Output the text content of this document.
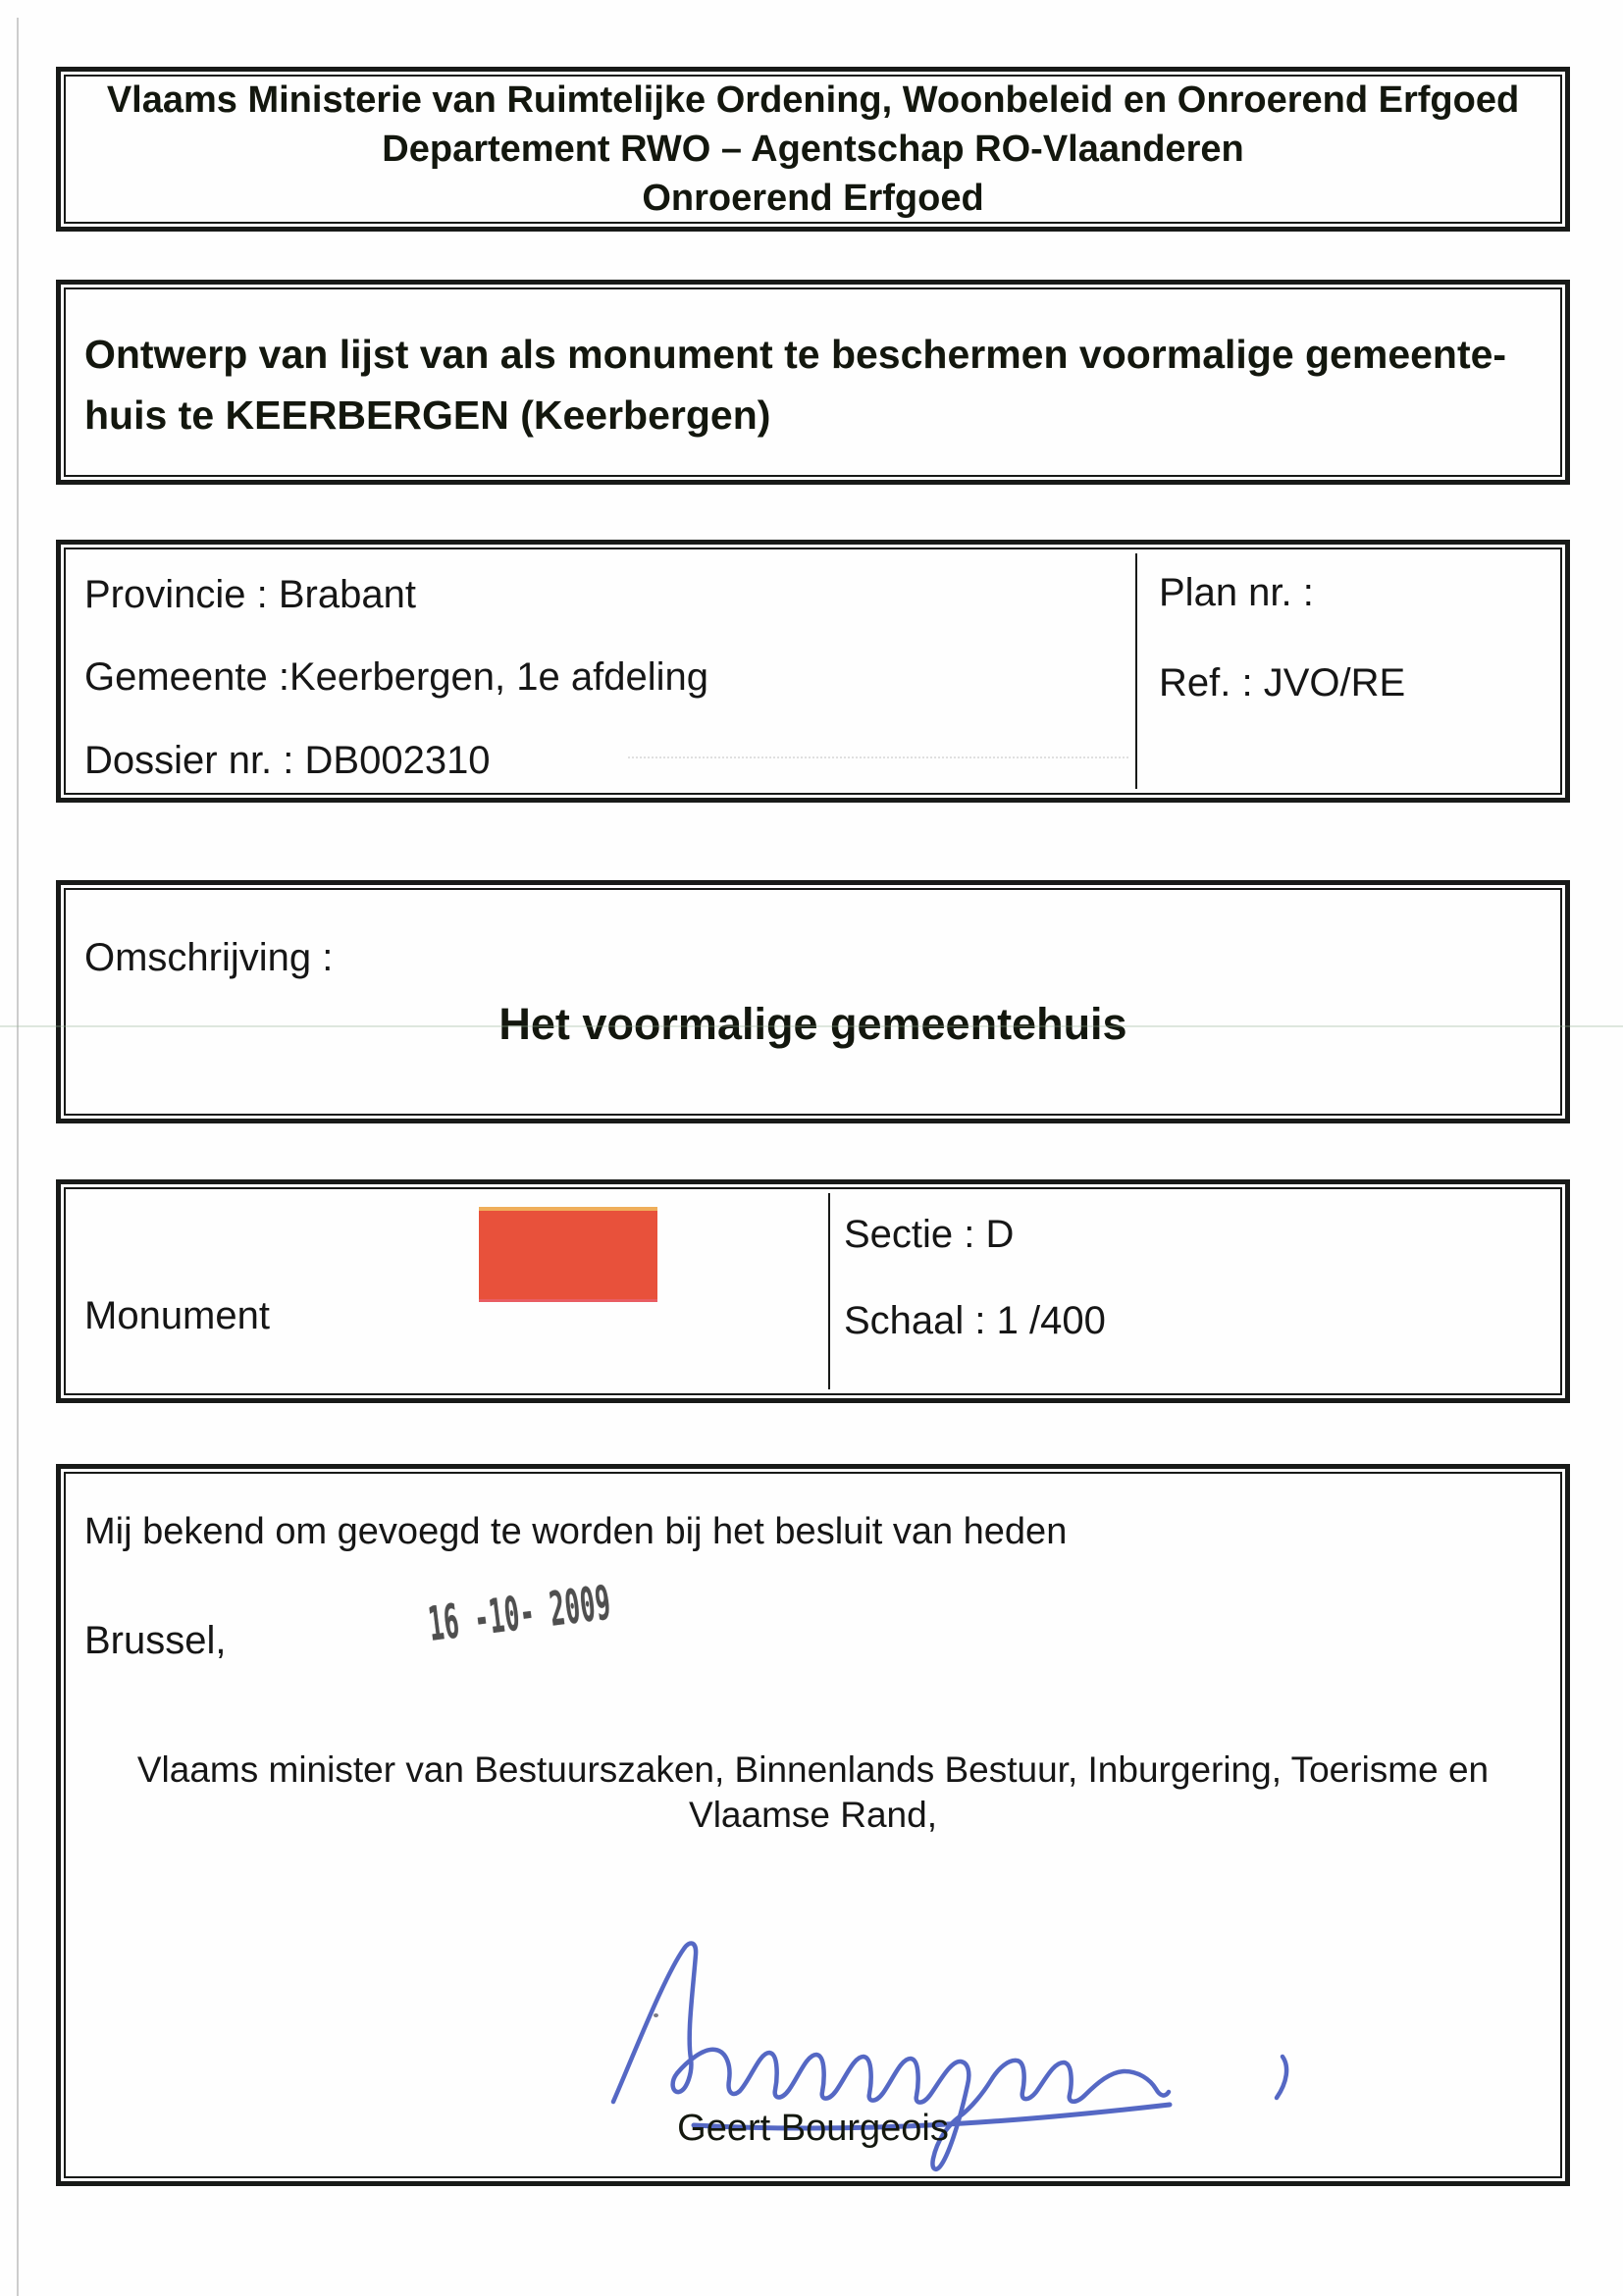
Vlaams Ministerie van Ruimtelijke Ordening, Woonbeleid en Onroerend Erfgoed
Departement RWO – Agentschap RO-Vlaanderen
Onroerend Erfgoed
Ontwerp van lijst van als monument te beschermen voormalige gemeente-
huis te KEERBERGEN (Keerbergen)
Provincie : Brabant
Gemeente :Keerbergen, 1e afdeling
Dossier nr. : DB002310
Plan nr. :
Ref. : JVO/RE
Omschrijving :
Het voormalige gemeentehuis
Monument
Sectie : D
Schaal : 1 /400
Mij bekend om gevoegd te worden bij het besluit van heden
Brussel,	16 -10- 2009
Vlaams minister van Bestuurszaken, Binnenlands Bestuur, Inburgering, Toerisme en
Vlaamse Rand,
Geert Bourgeois
